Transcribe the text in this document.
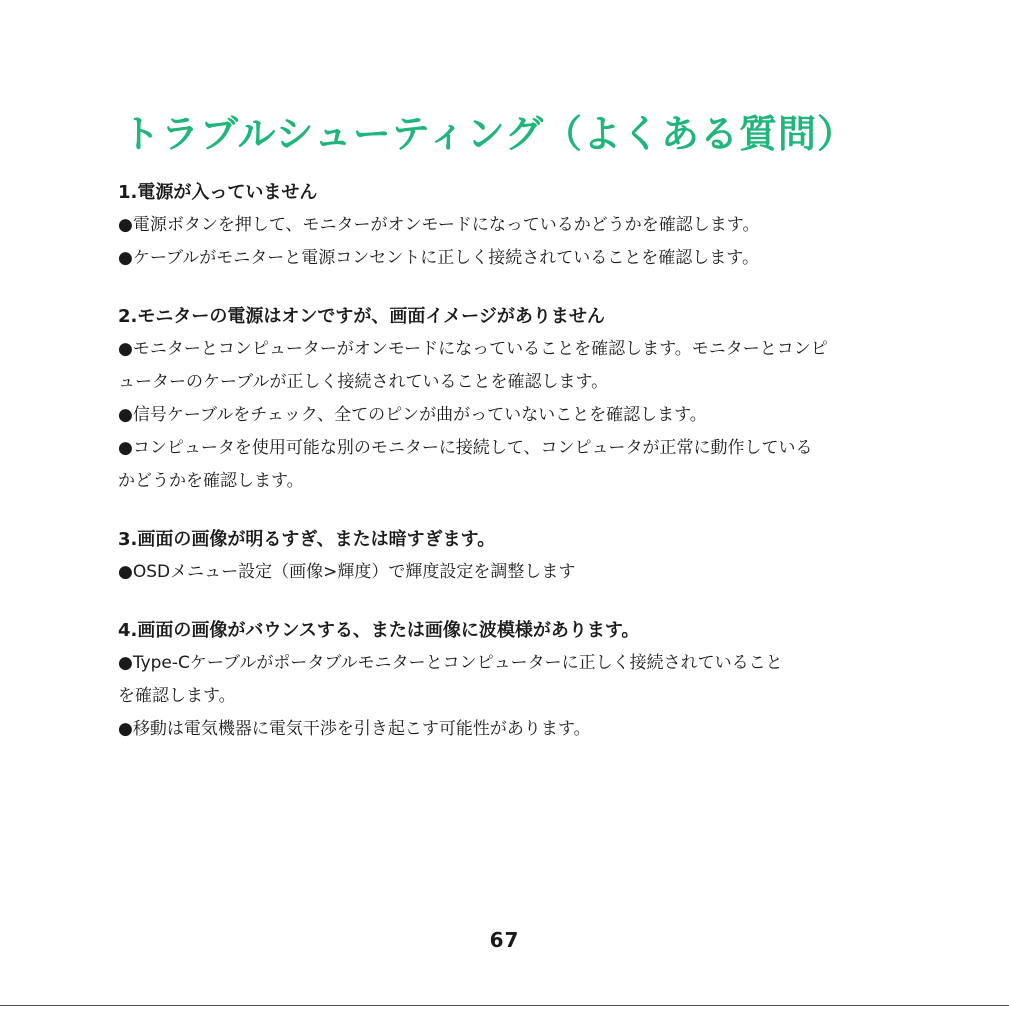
トラブルシューティング（よくある質問）

1.電源が入っていません

●電源ボタンを押して、モニターがオンモードになっているかどうかを確認します。

●ケーブルがモニターと電源コンセントに正しく接続されていることを確認します。

2.モニターの電源はオンですが、画面イメージがありません

●モニターとコンピューターがオンモードになっていることを確認します。モニターとコンピ
ューターのケーブルが正しく接続されていることを確認します。

●信号ケーブルをチェック、全てのピンが曲がっていないことを確認します。

●コンピュータを使用可能な別のモニターに接続して、コンピュータが正常に動作している
かどうかを確認します。

3.画面の画像が明るすぎ、または暗すぎます。

●OSDメニュー設定（画像>輝度）で輝度設定を調整します

4.画面の画像がバウンスする、または画像に波模様があります。

●Type-Cケーブルがポータブルモニターとコンピューターに正しく接続されていること
を確認します。

●移動は電気機器に電気干渉を引き起こす可能性があります。

67
